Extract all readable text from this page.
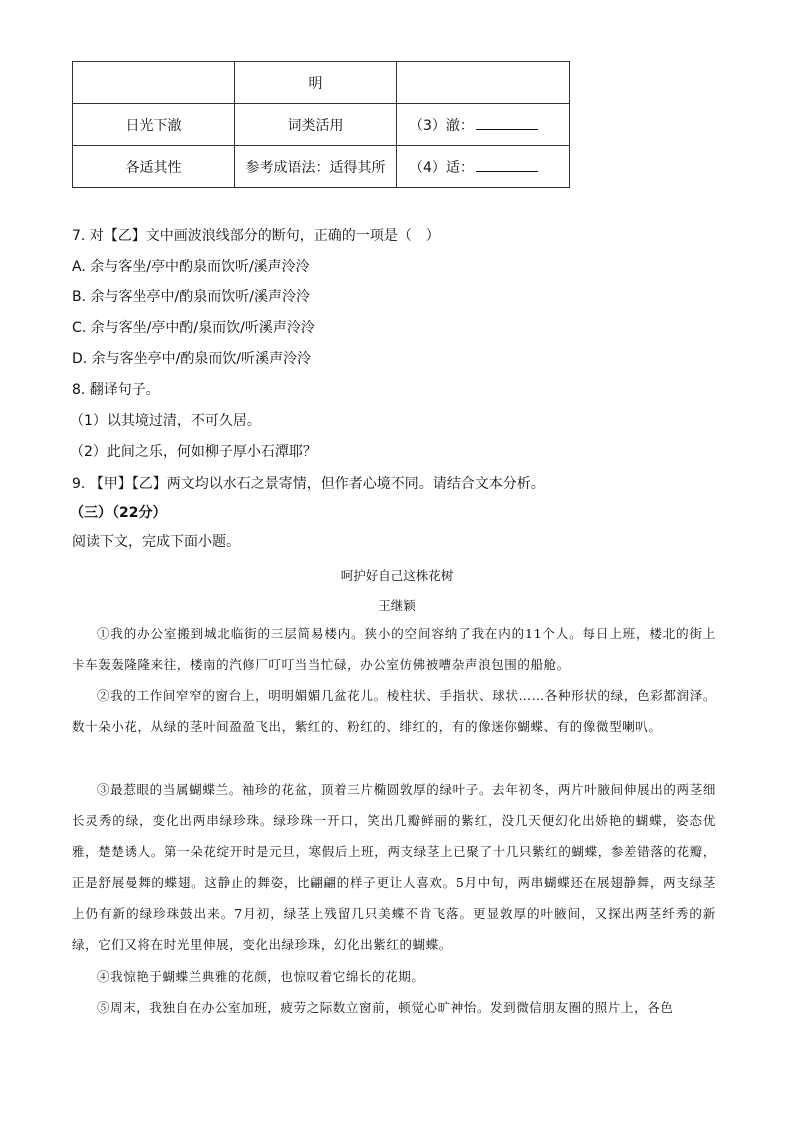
	明	
日光下澈	词类活用	（3）澈：
各适其性	参考成语法：适得其所	（4）适：
7. 对【乙】文中画波浪线部分的断句，正确的一项是（　）
A. 余与客坐/亭中酌泉而饮听/溪声泠泠
B. 余与客坐亭中/酌泉而饮听/溪声泠泠
C. 余与客坐/亭中酌/泉而饮/听溪声泠泠
D. 余与客坐亭中/酌泉而饮/听溪声泠泠
8. 翻译句子。
（1）以其境过清，不可久居。
（2）此间之乐，何如柳子厚小石潭耶？
9. 【甲】【乙】两文均以水石之景寄情，但作者心境不同。请结合文本分析。
（三）（22分）
阅读下文，完成下面小题。
呵护好自己这株花树
王继颖
①我的办公室搬到城北临街的三层简易楼内。狭小的空间容纳了我在内的11个人。每日上班，楼北的街上卡车轰轰隆隆来往，楼南的汽修厂叮叮当当忙碌，办公室仿佛被嘈杂声浪包围的船舱。
②我的工作间窄窄的窗台上，明明媚媚几盆花儿。棱柱状、手指状、球状……各种形状的绿，色彩都润泽。数十朵小花，从绿的茎叶间盈盈飞出，紫红的、粉红的、绯红的，有的像迷你蝴蝶、有的像微型喇叭。
③最惹眼的当属蝴蝶兰。袖珍的花盆，顶着三片椭圆敦厚的绿叶子。去年初冬，两片叶腋间伸展出的两茎细长灵秀的绿，变化出两串绿珍珠。绿珍珠一开口，笑出几瓣鲜丽的紫红，没几天便幻化出娇艳的蝴蝶，姿态优雅，楚楚诱人。第一朵花绽开时是元旦，寒假后上班，两支绿茎上已聚了十几只紫红的蝴蝶，参差错落的花瓣，正是舒展曼舞的蝶翅。这静止的舞姿，比翩翩的样子更让人喜欢。5月中旬，两串蝴蝶还在展翅静舞，两支绿茎上仍有新的绿珍珠鼓出来。7月初，绿茎上残留几只美蝶不肯飞落。更显敦厚的叶腋间，又探出两茎纤秀的新绿，它们又将在时光里伸展，变化出绿珍珠，幻化出紫红的蝴蝶。
④我惊艳于蝴蝶兰典雅的花颜，也惊叹着它绵长的花期。
⑤周末，我独自在办公室加班，疲劳之际数立窗前，顿觉心旷神怡。发到微信朋友圈的照片上，各色
